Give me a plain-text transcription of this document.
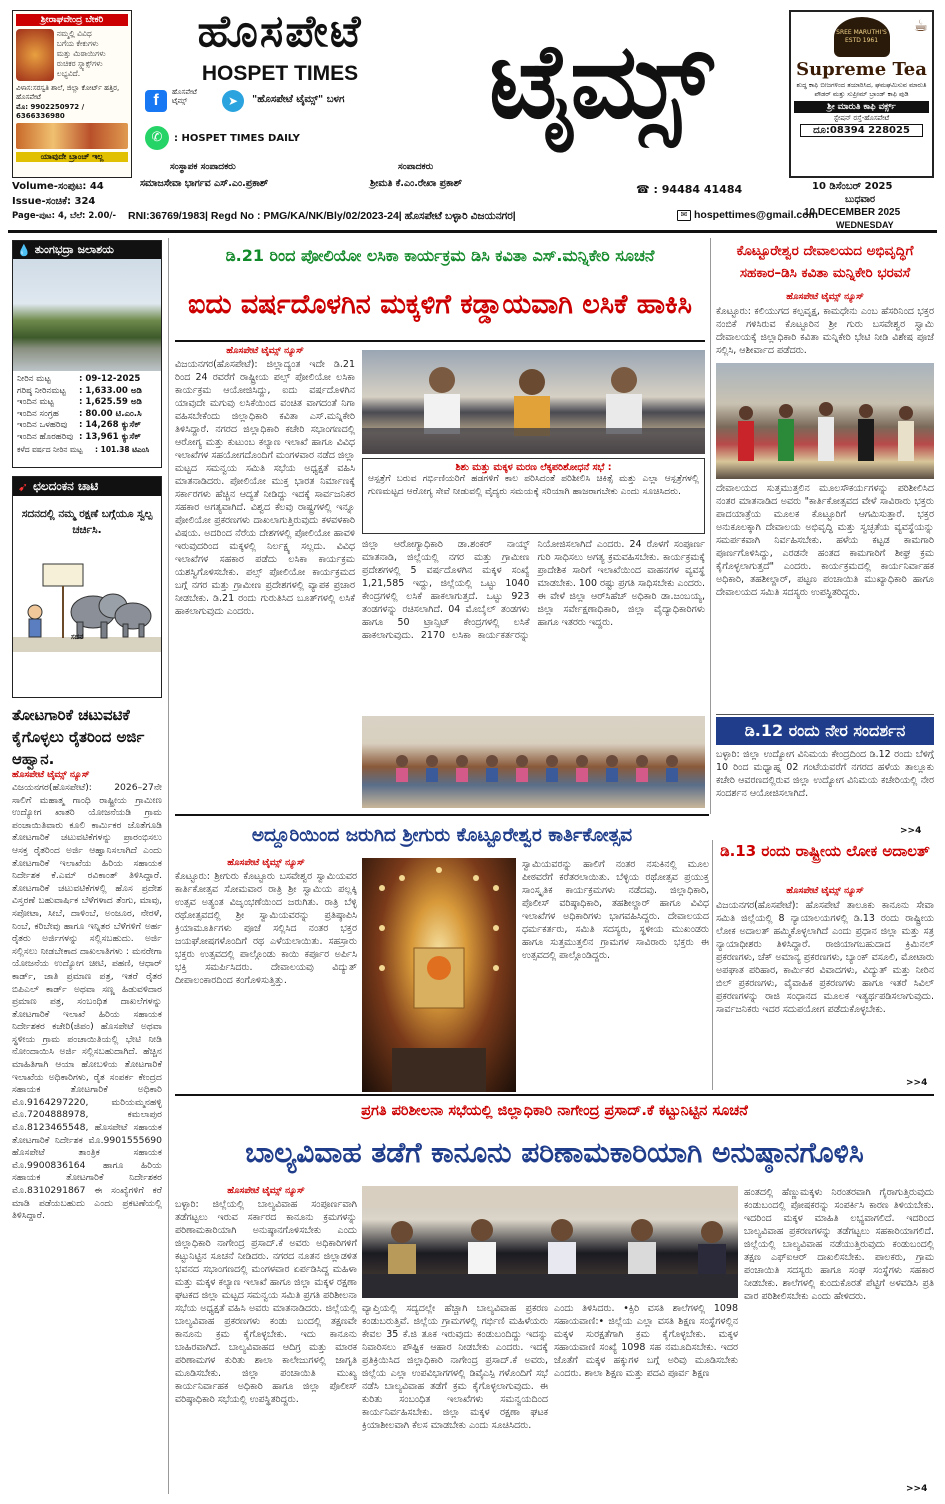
ಶ್ರೀರಾಘವೇಂದ್ರ ಬೇಕರಿ
ನಮ್ಮಲ್ಲಿ ವಿವಿಧ
ಬಗೆಯ ಕೇಕುಗಳು
ಮತ್ತು ಮಿಠಾಯಿಗಳು
ರುಚಿಕರ ಸ್ನ್ಯಾಕ್ಸ್‌ಗಳು ಲಭ್ಯವಿದೆ.
ವಿಳಾಸ:ಸರಸ್ವತಿ ಶಾಲೆ, ಜಿಲ್ಲಾ ಕೋರ್ಟ್ ಹತ್ತಿರ, ಹೊಸಪೇಟೆ
ಮೊ: 9902250972 / 6366336980
ಯಾವುದೇ ಬ್ರಾಂಚ್ ಇಲ್ಲ
ಹೊಸಪೇಟೆ
HOSPET TIMES
f	ಹೊಸಪೇಟೆ ಟೈಮ್ಸ್	➤	"ಹೊಸಪೇಟೆ ಟೈಮ್ಸ್" ಬಳಗ
✆	: HOSPET TIMES DAILY	ಟೈಮ್ಸ್	☕
SREE MARUTHI'S
ESTD 1961
Supreme Tea
ಶುದ್ಧ ಕಾಫಿ ಬೀಜಗಳಿಂದ ತಯಾರಿಸಿದ, ಘಮಘಮಿಸುವ ಮಾರುತಿ ಪೌಡರ್ ಮತ್ತು ಸುಪ್ರೀಮ್ ಬ್ರಾಂಡ್ ಕಾಫಿ ಪುಡಿ
ಶ್ರೀ ಮಾರುತಿ ಕಾಫಿ ವರ್ಕ್ಸ್
ಸ್ಟೇಷನ್ ರಸ್ತೆ-ಹೊಸಪೇಟೆ
ದೂ:08394 228025
ಸಂಸ್ಥಾಪಕ ಸಂಪಾದಕರು
ಸಮಾಜಸೇವಾ ಭಾರ್ಗವ ಎಸ್.ಎಂ.ಪ್ರಕಾಶ್
ಸಂಪಾದಕರು
ಶ್ರೀಮತಿ ಕೆ.ಎಂ.ರೇಖಾ ಪ್ರಕಾಶ್	☎ : 94484 41484
Volume-ಸಂಪುಟ: 44
Issue-ಸಂಚಿಕೆ: 324
Page-ಪುಟ: 4, ಬೆಲೆ: 2.00/-
10 ಡಿಸೆಂಬರ್ 2025
ಬುಧವಾರ
10 DECEMBER 2025
WEDNESDAY
RNI:36769/1983| Regd No : PMG/KA/NK/Bly/02/2023-24| ಹೊಸಪೇಟೆ ಬಳ್ಳಾರಿ ವಿಜಯನಗರ|	✉ hospettimes@gmail.com
💧 ತುಂಗಭದ್ರಾ ಜಲಾಶಯ
ನೀರಿನ ಮಟ್ಟ	: 09-12-2025
ಗರಿಷ್ಠ ನೀರಿನಮಟ್ಟ	: 1,633.00 ಅಡಿ
ಇಂದಿನ ಮಟ್ಟ	: 1,625.59 ಅಡಿ
ಇಂದಿನ ಸಂಗ್ರಹ	: 80.00 ಟಿ.ಎಂ.ಸಿ
ಇಂದಿನ ಒಳಹರಿವು	: 14,268 ಕ್ಯುಸೆಕ್
ಇಂದಿನ ಹೊರಹರಿವು : 13,961 ಕ್ಯುಸೆಕ್
ಕಳೆದ ವರ್ಷದ ನೀರಿನ ಮಟ್ಟ	: 101.38 ಟಿಎಂಸಿ
➹ ಛಲದಂಕನ ಚಾಟಿ
ಸದನದಲ್ಲಿ ನಮ್ಮ ರಕ್ಷಣೆ ಬಗ್ಗೆಯೂ ಸ್ವಲ್ಪ ಚರ್ಚಿಸಿ.
ಸದನ
ತೋಟಗಾರಿಕೆ ಚಟುವಟಿಕೆ ಕೈಗೊಳ್ಳಲು ರೈತರಿಂದ ಅರ್ಜಿ ಆಹ್ವಾನ.
ಹೊಸಪೇಟೆ ಟೈಮ್ಸ್ ನ್ಯೂಸ್
ವಿಜಯನಗರ(ಹೊಸಪೇಟೆ): 2026–27ನೇ ಸಾಲಿಗೆ ಮಹಾತ್ಮ ಗಾಂಧಿ ರಾಷ್ಟ್ರೀಯ ಗ್ರಾಮೀಣ ಉದ್ಯೋಗ ಖಾತರಿ ಯೋಜನೆಯಡಿ ಗ್ರಾಮ ಪಂಚಾಯಿತಿವಾರು ಕೂಲಿ ಕಾರ್ಮಿಕರ ಜೊತೆಗೂಡಿ ತೋಟಗಾರಿಕೆ ಚಟುವಟಿಕೆಗಳನ್ನು ಪ್ರಾರಂಭಿಸಲು ಆಸಕ್ತ ರೈತರಿಂದ ಅರ್ಜಿ ಆಹ್ವಾನಿಸಲಾಗಿದೆ ಎಂದು ತೋಟಗಾರಿಕೆ ಇಲಾಖೆಯ ಹಿರಿಯ ಸಹಾಯಕ ನಿರ್ದೇಶಕ ಕೆ.ಎಮ್ ರವಿಕಾಂತ್ ತಿಳಿಸಿದ್ದಾರೆ. ತೋಟಗಾರಿಕೆ ಚಟುವಟಿಕೆಗಳಲ್ಲಿ ಹೊಸ ಪ್ರದೇಶ ವಿಸ್ತರಣೆ ಬಹುವಾರ್ಷಿಕ ಬೆಳೆಗಳಾದ ತೆಂಗು, ಮಾವು, ಸಪೋಟಾ, ಸೀಬೆ, ದಾಳಿಂಬೆ, ಅಂಜೂರ, ನೇರಳೆ, ನಿಂಬೆ, ಕರಿಬೇವು ಹಾಗೂ ಇನ್ನಿತರ ಬೆಳೆಗಳಿಗೆ ಅರ್ಹ ರೈತರು ಅರ್ಜಿಗಳನ್ನು ಸಲ್ಲಿಸಬಹುದು. ಅರ್ಜಿ ಸಲ್ಲಿಸಲು ನೀಡಬೇಕಾದ ದಾಖಲಾತಿಗಳು : ಮನರೇಗಾ ಯೋಜನೆಯ ಉದ್ಯೋಗ ಚೀಟಿ, ಪಹಣಿ, ಆಧಾರ್ ಕಾರ್ಡ್, ಜಾತಿ ಪ್ರಮಾಣ ಪತ್ರ, ಇತರೆ ರೈತರ ಬಿಪಿಎಲ್ ಕಾರ್ಡ್ ಅಥವಾ ಸಣ್ಣ ಹಿಡುವಳಿದಾರ ಪ್ರಮಾಣ ಪತ್ರ, ಸಂಬಂಧಿತ ದಾಖಲೆಗಳನ್ನು ತೋಟಗಾರಿಕೆ ಇಲಾಖೆ ಹಿರಿಯ ಸಹಾಯಕ ನಿರ್ದೇಶಕರ ಕಚೇರಿ(ಜಿಪಂ) ಹೊಸಪೇಟೆ ಅಥವಾ ಸ್ಥಳೀಯ ಗ್ರಾಮ ಪಂಚಾಯಿತಿಯಲ್ಲಿ ಭೇಟಿ ನೀಡಿ ನೋಂದಾಯಿಸಿ ಅರ್ಜಿ ಸಲ್ಲಿಸಬಹುದಾಗಿದೆ. ಹೆಚ್ಚಿನ ಮಾಹಿತಿಗಾಗಿ ಆಯಾ ಹೋಬಳಿಯ ತೋಟಗಾರಿಕೆ ಇಲಾಖೆಯ ಅಧಿಕಾರಿಗಳು, ರೈತ ಸಂಪರ್ಕ ಕೇಂದ್ರದ ಸಹಾಯಕ ತೋಟಗಾರಿಕೆ ಅಧಿಕಾರಿ ಮೊ.9164297220, ಮರಿಯಮ್ಮನಹಳ್ಳಿ ಮೊ.7204888978, ಕಮಲಾಪುರ ಮೊ.8123465548, ಹೊಸಪೇಟೆ ಸಹಾಯಕ ತೋಟಗಾರಿಕೆ ನಿರ್ದೇಶಕ ಮೊ.9901555690 ಹೊಸಪೇಟೆ ತಾಂತ್ರಿಕ ಸಹಾಯಕ ಮೊ.9900836164 ಹಾಗೂ ಹಿರಿಯ ಸಹಾಯಕ ತೋಟಗಾರಿಕೆ ನಿರ್ದೇಶಕರ ಮೊ.8310291867 ಈ ಸಂಖ್ಯೆಗಳಿಗೆ ಕರೆ ಮಾಡಿ ಪಡೆಯಬಹುದು ಎಂದು ಪ್ರಕಟಣೆಯಲ್ಲಿ ತಿಳಿಸಿದ್ದಾರೆ.
ಡಿ.21 ರಿಂದ ಪೋಲಿಯೋ ಲಸಿಕಾ ಕಾರ್ಯಕ್ರಮ ಡಿಸಿ ಕವಿತಾ ಎಸ್.ಮನ್ನಿಕೇರಿ ಸೂಚನೆ
ಐದು ವರ್ಷದೊಳಗಿನ ಮಕ್ಕಳಿಗೆ ಕಡ್ಡಾಯವಾಗಿ ಲಸಿಕೆ ಹಾಕಿಸಿ
ಹೊಸಪೇಟೆ ಟೈಮ್ಸ್ ನ್ಯೂಸ್
ವಿಜಯನಗರ(ಹೊಸಪೇಟೆ): ಜಿಲ್ಲಾದ್ಯಂತ ಇದೇ ಡಿ.21 ರಿಂದ 24 ರವರೆಗೆ ರಾಷ್ಟ್ರೀಯ ಪಲ್ಸ್ ಪೋಲಿಯೋ ಲಸಿಕಾ ಕಾರ್ಯಕ್ರಮ ಆಯೋಜಿಸಿದ್ದು, ಐದು ವರ್ಷದೊಳಗಿನ ಯಾವುದೇ ಮಗುವು ಲಸಿಕೆಯಿಂದ ವಂಚಿತ ವಾಗದಂತೆ ನಿಗಾ ವಹಿಸಬೇಕೆಂದು ಜಿಲ್ಲಾಧಿಕಾರಿ ಕವಿತಾ ಎಸ್.ಮನ್ನಿಕೇರಿ ತಿಳಿಸಿದ್ದಾರೆ. ನಗರದ ಜಿಲ್ಲಾಧಿಕಾರಿ ಕಚೇರಿ ಸಭಾಂಗಣದಲ್ಲಿ ಆರೋಗ್ಯ ಮತ್ತು ಕುಟುಂಬ ಕಲ್ಯಾಣ ಇಲಾಖೆ ಹಾಗೂ ವಿವಿಧ ಇಲಾಖೆಗಳ ಸಹಯೋಗದೊಂದಿಗೆ ಮಂಗಳವಾರ ನಡೆದ ಜಿಲ್ಲಾ ಮಟ್ಟದ ಸಮನ್ವಯ ಸಮಿತಿ ಸಭೆಯ ಅಧ್ಯಕ್ಷತೆ ವಹಿಸಿ ಮಾತನಾಡಿದರು. ಪೋಲಿಯೋ ಮುಕ್ತ ಭಾರತ ನಿರ್ಮಾಣಕ್ಕೆ ಸರ್ಕಾರಗಳು ಹೆಚ್ಚಿನ ಆದ್ಯತೆ ನೀಡಿದ್ದು ಇದಕ್ಕೆ ಸಾರ್ವಜನಿಕರ ಸಹಕಾರ ಅಗತ್ಯವಾಗಿದೆ. ವಿಶ್ವದ ಕೆಲವು ರಾಷ್ಟ್ರಗಳಲ್ಲಿ ಇನ್ನೂ ಪೋಲಿಯೋ ಪ್ರಕರಣಗಳು ದಾಖಲಾಗುತ್ತಿರುವುದು ಕಳವಳಕಾರಿ ವಿಷಯ. ಅದರಿಂದ ನೆರೆಯ ದೇಶಗಳಲ್ಲಿ ಪೋಲಿಯೋ ಹಾವಳಿ ಇರುವುದರಿಂದ ಮಕ್ಕಳಲ್ಲಿ ನಿರ್ಲಕ್ಷ್ಯ ಸಲ್ಲದು. ವಿವಿಧ ಇಲಾಖೆಗಳ ಸಹಕಾರ ಪಡೆದು ಲಸಿಕಾ ಕಾರ್ಯಕ್ರಮ ಯಶಸ್ವಿಗೊಳಿಸಬೇಕು. ಪಲ್ಸ್ ಪೋಲಿಯೋ ಕಾರ್ಯಕ್ರಮದ ಬಗ್ಗೆ ನಗರ ಮತ್ತು ಗ್ರಾಮೀಣ ಪ್ರದೇಶಗಳಲ್ಲಿ ವ್ಯಾಪಕ ಪ್ರಚಾರ ನೀಡಬೇಕು. ಡಿ.21 ರಂದು ಗುರುತಿಸಿದ ಬೂತ್‌ಗಳಲ್ಲಿ ಲಸಿಕೆ ಹಾಕಲಾಗುವುದು ಎಂದರು.
ಶಿಶು ಮತ್ತು ಮಕ್ಕಳ ಮರಣ ಲೆಕ್ಕಪರಿಶೋಧನೆ ಸಭೆ :
ಆಸ್ಪತ್ರೆಗೆ ಬರುವ ಗರ್ಭಿಣಿಯರಿಗೆ ಹಡಗಳಿಗೆ ಕಾಲ ಪರಿಸಿದಂತೆ ಪರಿಶೀಲಿಸಿ ಚಿಕಿತ್ಸೆ ಮತ್ತು ಎಲ್ಲಾ ಆಸ್ಪತ್ರೆಗಳಲ್ಲಿ ಗುಣಮಟ್ಟದ ಆರೋಗ್ಯ ಸೇವೆ ನೀಡುವಲ್ಲಿ ವೈದ್ಯರು ಸಮಯಕ್ಕೆ ಸರಿಯಾಗಿ ಹಾಜರಾಗಬೇಕು ಎಂದು ಸೂಚಿಸಿದರು.
ಜಿಲ್ಲಾ ಆರೋಗ್ಯಾಧಿಕಾರಿ ಡಾ.ಶಂಕರ್ ನಾಯ್ಕ್ ಮಾತನಾಡಿ, ಜಿಲ್ಲೆಯಲ್ಲಿ ನಗರ ಮತ್ತು ಗ್ರಾಮೀಣ ಪ್ರದೇಶಗಳಲ್ಲಿ 5 ವರ್ಷದೊಳಗಿನ ಮಕ್ಕಳ ಸಂಖ್ಯೆ 1,21,585 ಇದ್ದು, ಜಿಲ್ಲೆಯಲ್ಲಿ ಒಟ್ಟು 1040 ಕೇಂದ್ರಗಳಲ್ಲಿ ಲಸಿಕೆ ಹಾಕಲಾಗುತ್ತದೆ. ಒಟ್ಟು 923 ತಂಡಗಳನ್ನು ರಚಿಸಲಾಗಿದೆ. 04 ಮೊಬೈಲ್ ತಂಡಗಳು ಹಾಗೂ 50 ಟ್ರಾನ್ಸಿಟ್ ಕೇಂದ್ರಗಳಲ್ಲಿ ಲಸಿಕೆ ಹಾಕಲಾಗುವುದು. 2170 ಲಸಿಕಾ ಕಾರ್ಯಕರ್ತರನ್ನು ನಿಯೋಜಿಸಲಾಗಿದೆ ಎಂದರು. 24 ರೊಳಗೆ ಸಂಪೂರ್ಣ ಗುರಿ ಸಾಧಿಸಲು ಅಗತ್ಯ ಕ್ರಮವಹಿಸಬೇಕು. ಕಾರ್ಯಕ್ರಮಕ್ಕೆ ಪ್ರಾದೇಶಿಕ ಸಾರಿಗೆ ಇಲಾಖೆಯಿಂದ ವಾಹನಗಳ ವ್ಯವಸ್ಥೆ ಮಾಡಬೇಕು. 100 ರಷ್ಟು ಪ್ರಗತಿ ಸಾಧಿಸಬೇಕು ಎಂದರು. ಈ ವೇಳೆ ಜಿಲ್ಲಾ ಆರ್‌ಸಿಹೆಚ್ ಅಧಿಕಾರಿ ಡಾ.ಜಂಬಯ್ಯ, ಜಿಲ್ಲಾ ಸರ್ವೇಕ್ಷಣಾಧಿಕಾರಿ, ಜಿಲ್ಲಾ ವೈದ್ಯಾಧಿಕಾರಿಗಳು ಹಾಗೂ ಇತರರು ಇದ್ದರು.
ಕೊಟ್ಟೂರೇಶ್ವರ ದೇವಾಲಯದ ಅಭಿವೃದ್ಧಿಗೆ ಸಹಕಾರ–ಡಿಸಿ ಕವಿತಾ ಮನ್ನಿಕೇರಿ ಭರವಸೆ
ಹೊಸಪೇಟೆ ಟೈಮ್ಸ್ ನ್ಯೂಸ್
ಕೊಟ್ಟೂರು: ಕಲಿಯುಗದ ಕಲ್ಪವೃಕ್ಷ, ಕಾಮಧೇನು ಎಂಬ ಹೆಸರಿನಿಂದ ಭಕ್ತರ ನಂಬಿಕೆ ಗಳಿಸಿರುವ ಕೊಟ್ಟೂರಿನ ಶ್ರೀ ಗುರು ಬಸವೇಶ್ವರ ಸ್ವಾಮಿ ದೇವಾಲಯಕ್ಕೆ ಜಿಲ್ಲಾಧಿಕಾರಿ ಕವಿತಾ ಮನ್ನಿಕೇರಿ ಭೇಟಿ ನೀಡಿ ವಿಶೇಷ ಪೂಜೆ ಸಲ್ಲಿಸಿ, ಆಶೀರ್ವಾದ ಪಡೆದರು.
ದೇವಾಲಯದ ಸುತ್ತಮುತ್ತಲಿನ ಮೂಲಸೌಕರ್ಯಗಳನ್ನು ಪರಿಶೀಲಿಸಿದ ನಂತರ ಮಾತನಾಡಿದ ಅವರು "ಕಾರ್ತಿಕೋತ್ಸವದ ವೇಳೆ ಸಾವಿರಾರು ಭಕ್ತರು ಪಾದಯಾತ್ರೆಯ ಮೂಲಕ ಕೊಟ್ಟೂರಿಗೆ ಆಗಮಿಸುತ್ತಾರೆ. ಭಕ್ತರ ಅನುಕೂಲಕ್ಕಾಗಿ ದೇವಾಲಯ ಅಭಿವೃದ್ಧಿ ಮತ್ತು ಸ್ವಚ್ಛತೆಯ ವ್ಯವಸ್ಥೆಯನ್ನು ಸಮರ್ಪಕವಾಗಿ ನಿರ್ವಹಿಸಬೇಕು. ಹಳೆಯ ಕಟ್ಟಡ ಕಾಮಗಾರಿ ಪೂರ್ಣಗೊಳಿಸಿದ್ದು, ಎರಡನೇ ಹಂತದ ಕಾಮಗಾರಿಗೆ ಶೀಘ್ರ ಕ್ರಮ ಕೈಗೊಳ್ಳಲಾಗುತ್ತದೆ" ಎಂದರು. ಕಾರ್ಯಕ್ರಮದಲ್ಲಿ ಕಾರ್ಯನಿರ್ವಾಹಕ ಅಧಿಕಾರಿ, ತಹಶೀಲ್ದಾರ್, ಪಟ್ಟಣ ಪಂಚಾಯಿತಿ ಮುಖ್ಯಾಧಿಕಾರಿ ಹಾಗೂ ದೇವಾಲಯದ ಸಮಿತಿ ಸದಸ್ಯರು ಉಪಸ್ಥಿತರಿದ್ದರು.
ಡಿ.12 ರಂದು ನೇರ ಸಂದರ್ಶನ
ಬಳ್ಳಾರಿ: ಜಿಲ್ಲಾ ಉದ್ಯೋಗ ವಿನಿಮಯ ಕೇಂದ್ರದಿಂದ ಡಿ.12 ರಂದು ಬೆಳಿಗ್ಗೆ 10 ರಿಂದ ಮಧ್ಯಾಹ್ನ 02 ಗಂಟೆಯವರೆಗೆ ನಗರದ ಹಳೆಯ ತಾಲ್ಲೂಕು ಕಚೇರಿ ಆವರಣದಲ್ಲಿರುವ ಜಿಲ್ಲಾ ಉದ್ಯೋಗ ವಿನಿಮಯ ಕಚೇರಿಯಲ್ಲಿ ನೇರ ಸಂದರ್ಶನ ಆಯೋಜಿಸಲಾಗಿದೆ.
>>4
ಅದ್ದೂರಿಯಿಂದ ಜರುಗಿದ ಶ್ರೀಗುರು ಕೊಟ್ಟೂರೇಶ್ವರ ಕಾರ್ತಿಕೋತ್ಸವ
ಹೊಸಪೇಟೆ ಟೈಮ್ಸ್ ನ್ಯೂಸ್
ಕೊಟ್ಟೂರು: ಶ್ರೀಗುರು ಕೊಟ್ಟೂರು ಬಸವೇಶ್ವರ ಸ್ವಾಮಿಯವರ ಕಾರ್ತಿಕೋತ್ಸವ ಸೋಮವಾರ ರಾತ್ರಿ ಶ್ರೀ ಸ್ವಾಮಿಯ ಪಲ್ಲಕ್ಕಿ ಉತ್ಸವ ಅತ್ಯಂತ ವಿಜೃಂಭಣೆಯಿಂದ ಜರುಗಿತು. ರಾತ್ರಿ ಬೆಳ್ಳಿ ರಥೋತ್ಸವದಲ್ಲಿ ಶ್ರೀ ಸ್ವಾಮಿಯವರನ್ನು ಪ್ರತಿಷ್ಠಾಪಿಸಿ ಕ್ರಿಯಾಮೂರ್ತಿಗಳು ಪೂಜೆ ಸಲ್ಲಿಸಿದ ನಂತರ ಭಕ್ತರ ಜಯಘೋಷಗಳೊಂದಿಗೆ ರಥ ಎಳೆಯಲಾಯಿತು. ಸಹಸ್ರಾರು ಭಕ್ತರು ಉತ್ಸವದಲ್ಲಿ ಪಾಲ್ಗೊಂಡು ಕಾಯಿ ಕರ್ಪೂರ ಅರ್ಪಿಸಿ ಭಕ್ತಿ ಸಮರ್ಪಿಸಿದರು. ದೇವಾಲಯವು ವಿದ್ಯುತ್ ದೀಪಾಲಂಕಾರದಿಂದ ಕಂಗೊಳಿಸುತ್ತಿತ್ತು.
ಸ್ವಾಮಿಯವರನ್ನು ಹಾಲಿಗೆ ನಂತರ ನಸುಕಿನಲ್ಲಿ ಮೂಲ ಪೀಠವರೆಗೆ ಕರೆತರಲಾಯಿತು. ಬೆಳ್ಳಿಯ ರಥೋತ್ಸವ ಪ್ರಯುಕ್ತ ಸಾಂಸ್ಕೃತಿಕ ಕಾರ್ಯಕ್ರಮಗಳು ನಡೆದವು. ಜಿಲ್ಲಾಧಿಕಾರಿ, ಪೊಲೀಸ್ ವರಿಷ್ಠಾಧಿಕಾರಿ, ತಹಶೀಲ್ದಾರ್ ಹಾಗೂ ವಿವಿಧ ಇಲಾಖೆಗಳ ಅಧಿಕಾರಿಗಳು ಭಾಗವಹಿಸಿದ್ದರು. ದೇವಾಲಯದ ಧರ್ಮಕರ್ತರು, ಸಮಿತಿ ಸದಸ್ಯರು, ಸ್ಥಳೀಯ ಮುಖಂಡರು ಹಾಗೂ ಸುತ್ತಮುತ್ತಲಿನ ಗ್ರಾಮಗಳ ಸಾವಿರಾರು ಭಕ್ತರು ಈ ಉತ್ಸವದಲ್ಲಿ ಪಾಲ್ಗೊಂಡಿದ್ದರು.
ಡಿ.13 ರಂದು ರಾಷ್ಟ್ರೀಯ ಲೋಕ ಅದಾಲತ್
ಹೊಸಪೇಟೆ ಟೈಮ್ಸ್ ನ್ಯೂಸ್
ವಿಜಯನಗರ(ಹೊಸಪೇಟೆ): ಹೊಸಪೇಟೆ ತಾಲೂಕು ಕಾನೂನು ಸೇವಾ ಸಮಿತಿ ಜಿಲ್ಲೆಯಲ್ಲಿ 8 ನ್ಯಾಯಾಲಯಗಳಲ್ಲಿ ಡಿ.13 ರಂದು ರಾಷ್ಟ್ರೀಯ ಲೋಕ ಅದಾಲತ್ ಹಮ್ಮಿಕೊಳ್ಳಲಾಗಿದೆ ಎಂದು ಪ್ರಧಾನ ಜಿಲ್ಲಾ ಮತ್ತು ಸತ್ರ ನ್ಯಾಯಾಧೀಶರು ತಿಳಿಸಿದ್ದಾರೆ. ರಾಜಿಯಾಗಬಹುದಾದ ಕ್ರಿಮಿನಲ್ ಪ್ರಕರಣಗಳು, ಚೆಕ್ ಅಮಾನ್ಯ ಪ್ರಕರಣಗಳು, ಬ್ಯಾಂಕ್ ವಸೂಲಿ, ಮೋಟಾರು ಅಪಘಾತ ಪರಿಹಾರ, ಕಾರ್ಮಿಕರ ವಿವಾದಗಳು, ವಿದ್ಯುತ್ ಮತ್ತು ನೀರಿನ ಬಿಲ್ ಪ್ರಕರಣಗಳು, ವೈವಾಹಿಕ ಪ್ರಕರಣಗಳು ಹಾಗೂ ಇತರೆ ಸಿವಿಲ್ ಪ್ರಕರಣಗಳನ್ನು ರಾಜಿ ಸಂಧಾನದ ಮೂಲಕ ಇತ್ಯರ್ಥಪಡಿಸಲಾಗುವುದು. ಸಾರ್ವಜನಿಕರು ಇದರ ಸದುಪಯೋಗ ಪಡೆದುಕೊಳ್ಳಬೇಕು.
>>4
ಪ್ರಗತಿ ಪರಿಶೀಲನಾ ಸಭೆಯಲ್ಲಿ ಜಿಲ್ಲಾಧಿಕಾರಿ ನಾಗೇಂದ್ರ ಪ್ರಸಾದ್.ಕೆ ಕಟ್ಟುನಿಟ್ಟಿನ ಸೂಚನೆ
ಬಾಲ್ಯವಿವಾಹ ತಡೆಗೆ ಕಾನೂನು ಪರಿಣಾಮಕಾರಿಯಾಗಿ ಅನುಷ್ಠಾನಗೊಳಿಸಿ
ಹೊಸಪೇಟೆ ಟೈಮ್ಸ್ ನ್ಯೂಸ್
ಬಳ್ಳಾರಿ: ಜಿಲ್ಲೆಯಲ್ಲಿ ಬಾಲ್ಯವಿವಾಹ ಸಂಪೂರ್ಣವಾಗಿ ತಡೆಗಟ್ಟಲು ಇರುವ ಸರ್ಕಾರದ ಕಾನೂನು ಕ್ರಮಗಳನ್ನು ಪರಿಣಾಮಕಾರಿಯಾಗಿ ಅನುಷ್ಠಾನಗೊಳಿಸಬೇಕು ಎಂದು ಜಿಲ್ಲಾಧಿಕಾರಿ ನಾಗೇಂದ್ರ ಪ್ರಸಾದ್.ಕೆ ಅವರು ಅಧಿಕಾರಿಗಳಿಗೆ ಕಟ್ಟುನಿಟ್ಟಿನ ಸೂಚನೆ ನೀಡಿದರು. ನಗರದ ನೂತನ ಜಿಲ್ಲಾಡಳಿತ ಭವನದ ಸಭಾಂಗಣದಲ್ಲಿ ಮಂಗಳವಾರ ಏರ್ಪಡಿಸಿದ್ದ ಮಹಿಳಾ ಮತ್ತು ಮಕ್ಕಳ ಕಲ್ಯಾಣ ಇಲಾಖೆ ಹಾಗೂ ಜಿಲ್ಲಾ ಮಕ್ಕಳ ರಕ್ಷಣಾ ಘಟಕದ ಜಿಲ್ಲಾ ಮಟ್ಟದ ಸಮನ್ವಯ ಸಮಿತಿ ಪ್ರಗತಿ ಪರಿಶೀಲನಾ ಸಭೆಯ ಅಧ್ಯಕ್ಷತೆ ವಹಿಸಿ ಅವರು ಮಾತನಾಡಿದರು. ಜಿಲ್ಲೆಯಲ್ಲಿ ಬಾಲ್ಯವಿವಾಹ ಪ್ರಕರಣಗಳು ಕಂಡು ಬಂದಲ್ಲಿ ತಕ್ಷಣವೇ ಕಾನೂನು ಕ್ರಮ ಕೈಗೊಳ್ಳಬೇಕು. ಇದು ಕಾನೂನು ಬಾಹಿರವಾಗಿದೆ. ಬಾಲ್ಯವಿವಾಹದ ಆದಿಗ್ರ ಮತ್ತು ಮಾರಕ ಪರಿಣಾಮಗಳ ಕುರಿತು ಶಾಲಾ ಕಾಲೇಜುಗಳಲ್ಲಿ ಜಾಗೃತಿ ಮೂಡಿಸಬೇಕು. ಜಿಲ್ಲಾ ಪಂಚಾಯಿತಿ ಮುಖ್ಯ ಕಾರ್ಯನಿರ್ವಾಹಕ ಅಧಿಕಾರಿ ಹಾಗೂ ಜಿಲ್ಲಾ ಪೊಲೀಸ್ ವರಿಷ್ಠಾಧಿಕಾರಿ ಸಭೆಯಲ್ಲಿ ಉಪಸ್ಥಿತರಿದ್ದರು.
ವ್ಯಾಪ್ತಿಯಲ್ಲಿ ಸದ್ಯದಲ್ಲೇ ಹೆಚ್ಚಾಗಿ ಬಾಲ್ಯವಿವಾಹ ಪ್ರಕರಣ ಕಂಡುಬರುತ್ತಿವೆ. ಜಿಲ್ಲೆಯ ಗ್ರಾಮಗಳಲ್ಲಿ ಗರ್ಭಿಣಿ ಮಹಿಳೆಯರು ಕೇವಲ 35 ಕೆ.ಜಿ ತೂಕ ಇರುವುದು ಕಂಡುಬಂದಿದ್ದು ಇದನ್ನು ನಿವಾರಿಸಲು ಪೌಷ್ಟಿಕ ಆಹಾರ ನೀಡಬೇಕು ಎಂದರು. ಇದಕ್ಕೆ ಪ್ರತಿಕ್ರಿಯಿಸಿದ ಜಿಲ್ಲಾಧಿಕಾರಿ ನಾಗೇಂದ್ರ ಪ್ರಸಾದ್.ಕೆ ಅವರು, ಜಿಲ್ಲೆಯ ಎಲ್ಲಾ ಉಪವಿಭಾಗಗಳಲ್ಲಿ ಡಿವೈಎಸ್ಪಿ ಗಳೊಂದಿಗೆ ಸಭೆ ನಡೆಸಿ ಬಾಲ್ಯವಿವಾಹ ತಡೆಗೆ ಕ್ರಮ ಕೈಗೊಳ್ಳಲಾಗುವುದು. ಈ ಕುರಿತು ಸಂಬಂಧಿತ ಇಲಾಖೆಗಳು ಸಮನ್ವಯದಿಂದ ಕಾರ್ಯನಿರ್ವಹಿಸಬೇಕು. ಜಿಲ್ಲಾ ಮಕ್ಕಳ ರಕ್ಷಣಾ ಘಟಕ ಕ್ರಿಯಾಶೀಲವಾಗಿ ಕೆಲಸ ಮಾಡಬೇಕು ಎಂದು ಸೂಚಿಸಿದರು.
ಎಂದು ತಿಳಿಸಿದರು. •ಕ್ಸಿರಿ ವಸತಿ ಶಾಲೆಗಳಲ್ಲಿ 1098 ಸಹಾಯವಾಣಿ:• ಜಿಲ್ಲೆಯ ಎಲ್ಲಾ ವಸತಿ ಶಿಕ್ಷಣ ಸಂಸ್ಥೆಗಳಲ್ಲಿನ ಮಕ್ಕಳ ಸುರಕ್ಷತೆಗಾಗಿ ಕ್ರಮ ಕೈಗೊಳ್ಳಬೇಕು. ಮಕ್ಕಳ ಸಹಾಯವಾಣಿ ಸಂಖ್ಯೆ 1098 ಸಹ ನಮೂದಿಸಬೇಕು. ಇದರ ಜೊತೆಗೆ ಮಕ್ಕಳ ಹಕ್ಕುಗಳ ಬಗ್ಗೆ ಅರಿವು ಮೂಡಿಸಬೇಕು ಎಂದರು. ಶಾಲಾ ಶಿಕ್ಷಣ ಮತ್ತು ಪದವಿ ಪೂರ್ವ ಶಿಕ್ಷಣ
ಹಂತದಲ್ಲಿ ಹೆಣ್ಣುಮಕ್ಕಳು ನಿರಂತರವಾಗಿ ಗೈರಾಗುತ್ತಿರುವುದು ಕಂಡುಬಂದಲ್ಲಿ ಪೋಷಕರನ್ನು ಸಂಪರ್ಕಿಸಿ ಕಾರಣ ತಿಳಿಯಬೇಕು. ಇದರಿಂದ ಮಕ್ಕಳ ಮಾಹಿತಿ ಲಭ್ಯವಾಗಲಿದೆ. ಇದರಿಂದ ಬಾಲ್ಯವಿವಾಹ ಪ್ರಕರಣಗಳನ್ನು ತಡೆಗಟ್ಟಲು ಸಹಕಾರಿಯಾಗಲಿದೆ. ಜಿಲ್ಲೆಯಲ್ಲಿ ಬಾಲ್ಯವಿವಾಹ ನಡೆಯುತ್ತಿರುವುದು ಕಂಡುಬಂದಲ್ಲಿ ತಕ್ಷಣ ಎಫ್‌ಐಆರ್ ದಾಖಲಿಸಬೇಕು. ಪಾಲಕರು, ಗ್ರಾಮ ಪಂಚಾಯಿತಿ ಸದಸ್ಯರು ಹಾಗೂ ಸಂಘ ಸಂಸ್ಥೆಗಳು ಸಹಕಾರ ನೀಡಬೇಕು. ಶಾಲೆಗಳಲ್ಲಿ ಕುಂದುಕೊರತೆ ಪೆಟ್ಟಿಗೆ ಅಳವಡಿಸಿ ಪ್ರತಿ ವಾರ ಪರಿಶೀಲಿಸಬೇಕು ಎಂದು ಹೇಳಿದರು.
>>4
